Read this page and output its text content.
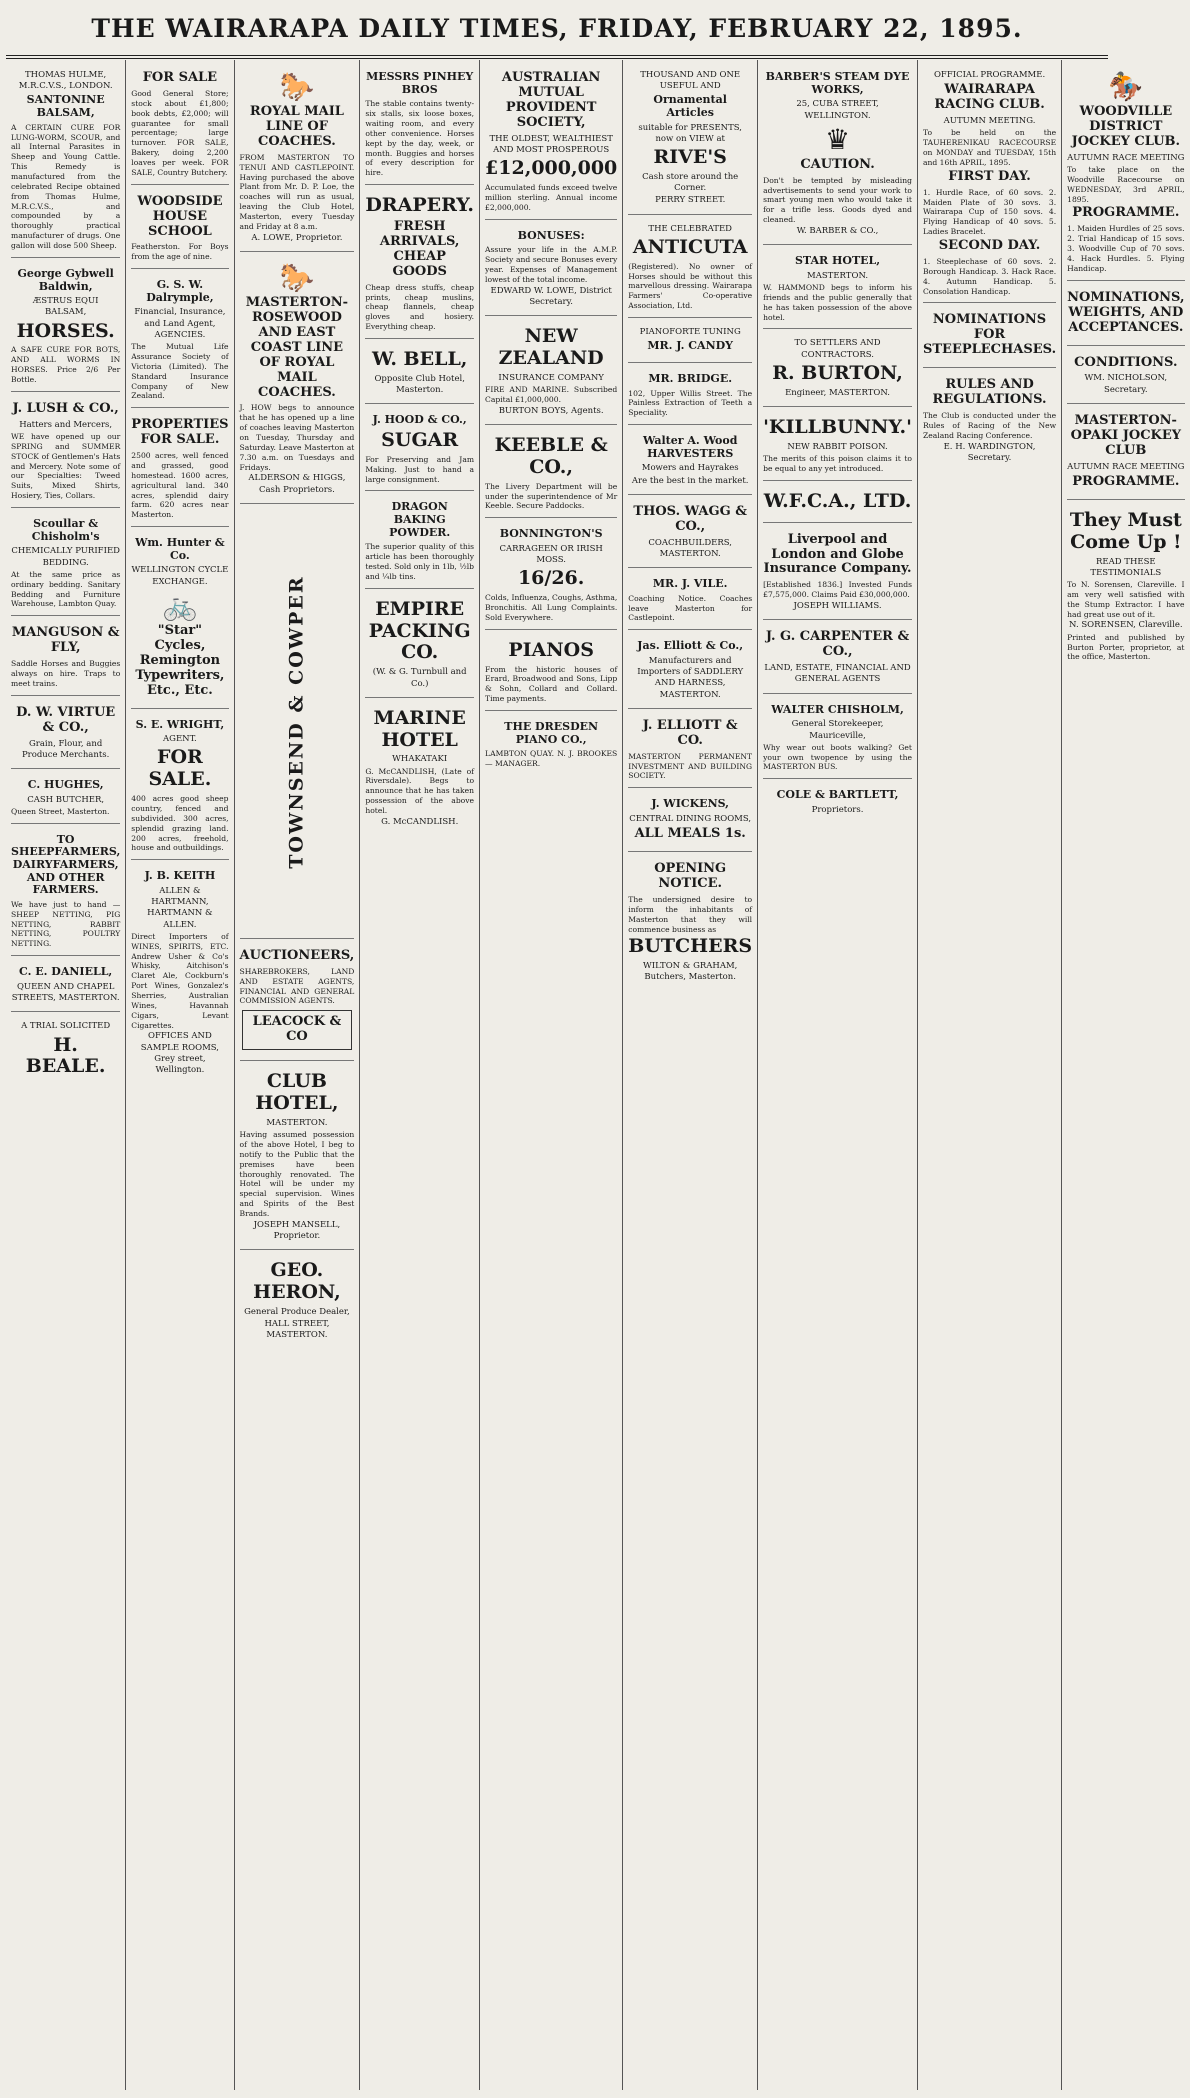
THE WAIRARAPA DAILY TIMES, FRIDAY, FEBRUARY 22, 1895.
THOMAS HULME, M.R.C.V.S., LONDON.
SANTONINE BALSAM,
A CERTAIN CURE FOR LUNG-WORM, SCOUR, and all Internal Parasites in Sheep and Young Cattle. This Remedy is manufactured from the celebrated Recipe obtained from Thomas Hulme, M.R.C.V.S., and compounded by a thoroughly practical manufacturer of drugs. One gallon will dose 500 Sheep.
George Gybwell Baldwin,
ÆSTRUS EQUI BALSAM,
HORSES.
A SAFE CURE FOR BOTS, AND ALL WORMS IN HORSES. Price 2/6 Per Bottle.
J. LUSH & CO.,
Hatters and Mercers,
WE have opened up our SPRING and SUMMER STOCK of Gentlemen's Hats and Mercery. Note some of our Specialties: Tweed Suits, Mixed Shirts, Hosiery, Ties, Collars.
Scoullar & Chisholm's
CHEMICALLY PURIFIED BEDDING.
At the same price as ordinary bedding. Sanitary Bedding and Furniture Warehouse, Lambton Quay.
MANGUSON & FLY,
Saddle Horses and Buggies always on hire. Traps to meet trains.
D. W. VIRTUE & CO.,
Grain, Flour, and Produce Merchants.
C. HUGHES,
CASH BUTCHER,
Queen Street, Masterton.
TO SHEEPFARMERS, DAIRYFARMERS, AND OTHER FARMERS.
We have just to hand — SHEEP NETTING, PIG NETTING, RABBIT NETTING, POULTRY NETTING.
C. E. DANIELL,
QUEEN AND CHAPEL STREETS, MASTERTON.
A TRIAL SOLICITED
H. BEALE.
FOR SALE
Good General Store; stock about £1,800; book debts, £2,000; will guarantee for small percentage; large turnover. FOR SALE, Bakery, doing 2,200 loaves per week. FOR SALE, Country Butchery.
WOODSIDE HOUSE SCHOOL
Featherston. For Boys from the age of nine.
G. S. W. Dalrymple,
Financial, Insurance, and Land Agent, AGENCIES.
The Mutual Life Assurance Society of Victoria (Limited). The Standard Insurance Company of New Zealand.
PROPERTIES FOR SALE.
2500 acres, well fenced and grassed, good homestead. 1600 acres, agricultural land. 340 acres, splendid dairy farm. 620 acres near Masterton.
Wm. Hunter & Co.
WELLINGTON CYCLE EXCHANGE.
🚲
"Star" Cycles, Remington Typewriters, Etc., Etc.
S. E. WRIGHT,
AGENT.
FOR SALE.
400 acres good sheep country, fenced and subdivided. 300 acres, splendid grazing land. 200 acres, freehold, house and outbuildings.
J. B. KEITH
ALLEN & HARTMANN, HARTMANN & ALLEN.
Direct Importers of WINES, SPIRITS, ETC. Andrew Usher & Co's Whisky, Aitchison's Claret Ale, Cockburn's Port Wines, Gonzalez's Sherries, Australian Wines, Havannah Cigars, Levant Cigarettes.
OFFICES AND SAMPLE ROOMS, Grey street, Wellington.
🐎
ROYAL MAIL LINE OF COACHES.
FROM MASTERTON TO TENUI AND CASTLEPOINT. Having purchased the above Plant from Mr. D. P. Loe, the coaches will run as usual, leaving the Club Hotel, Masterton, every Tuesday and Friday at 8 a.m.
A. LOWE, Proprietor.
🐎
MASTERTON-ROSEWOOD AND EAST COAST LINE OF ROYAL MAIL COACHES.
J. HOW begs to announce that he has opened up a line of coaches leaving Masterton on Tuesday, Thursday and Saturday. Leave Masterton at 7.30 a.m. on Tuesdays and Fridays.
ALDERSON & HIGGS, Cash Proprietors.
TOWNSEND & COWPER
AUCTIONEERS,
SHAREBROKERS, LAND AND ESTATE AGENTS, FINANCIAL AND GENERAL COMMISSION AGENTS.
LEACOCK & CO
CLUB HOTEL,
MASTERTON.
Having assumed possession of the above Hotel, I beg to notify to the Public that the premises have been thoroughly renovated. The Hotel will be under my special supervision. Wines and Spirits of the Best Brands.
JOSEPH MANSELL, Proprietor.
GEO. HERON,
General Produce Dealer,
HALL STREET, MASTERTON.
MESSRS PINHEY BROS
The stable contains twenty-six stalls, six loose boxes, waiting room, and every other convenience. Horses kept by the day, week, or month. Buggies and horses of every description for hire.
DRAPERY.
FRESH ARRIVALS, CHEAP GOODS
Cheap dress stuffs, cheap prints, cheap muslins, cheap flannels, cheap gloves and hosiery. Everything cheap.
W. BELL,
Opposite Club Hotel, Masterton.
J. HOOD & CO.,
SUGAR
For Preserving and Jam Making. Just to hand a large consignment.
DRAGON BAKING POWDER.
The superior quality of this article has been thoroughly tested. Sold only in 1lb, ½lb and ¼lb tins.
EMPIRE PACKING CO.
(W. & G. Turnbull and Co.)
MARINE HOTEL
WHAKATAKI
G. McCANDLISH, (Late of Riversdale). Begs to announce that he has taken possession of the above hotel.
G. McCANDLISH.
AUSTRALIAN MUTUAL PROVIDENT SOCIETY,
THE OLDEST, WEALTHIEST AND MOST PROSPEROUS
£12,000,000
Accumulated funds exceed twelve million sterling. Annual income £2,000,000.
BONUSES:
Assure your life in the A.M.P. Society and secure Bonuses every year. Expenses of Management lowest of the total income.
EDWARD W. LOWE, District Secretary.
NEW ZEALAND
INSURANCE COMPANY
FIRE AND MARINE. Subscribed Capital £1,000,000.
BURTON BOYS, Agents.
KEEBLE & CO.,
The Livery Department will be under the superintendence of Mr Keeble. Secure Paddocks.
BONNINGTON'S
CARRAGEEN OR IRISH MOSS.
16/26.
Colds, Influenza, Coughs, Asthma, Bronchitis. All Lung Complaints. Sold Everywhere.
PIANOS
From the historic houses of Erard, Broadwood and Sons, Lipp & Sohn, Collard and Collard. Time payments.
THE DRESDEN PIANO CO.,
LAMBTON QUAY. N. J. BROOKES — MANAGER.
THOUSAND AND ONE USEFUL AND
Ornamental Articles
suitable for PRESENTS, now on VIEW at
RIVE'S
Cash store around the Corner.
PERRY STREET.
THE CELEBRATED
ANTICUTA
(Registered). No owner of Horses should be without this marvellous dressing. Wairarapa Farmers' Co-operative Association, Ltd.
PIANOFORTE TUNING
MR. J. CANDY
MR. BRIDGE.
102, Upper Willis Street. The Painless Extraction of Teeth a Speciality.
Walter A. Wood HARVESTERS
Mowers and Hayrakes
Are the best in the market.
THOS. WAGG & CO.,
COACHBUILDERS, MASTERTON.
MR. J. VILE.
Coaching Notice. Coaches leave Masterton for Castlepoint.
Jas. Elliott & Co.,
Manufacturers and Importers of SADDLERY AND HARNESS, MASTERTON.
J. ELLIOTT & CO.
MASTERTON PERMANENT INVESTMENT AND BUILDING SOCIETY.
J. WICKENS,
CENTRAL DINING ROOMS,
ALL MEALS 1s.
OPENING NOTICE.
The undersigned desire to inform the inhabitants of Masterton that they will commence business as
BUTCHERS
WILTON & GRAHAM, Butchers, Masterton.
BARBER'S STEAM DYE WORKS,
25, CUBA STREET, WELLINGTON.
♛
CAUTION.
Don't be tempted by misleading advertisements to send your work to smart young men who would take it for a trifle less. Goods dyed and cleaned.
W. BARBER & CO.,
STAR HOTEL,
MASTERTON.
W. HAMMOND begs to inform his friends and the public generally that he has taken possession of the above hotel.
TO SETTLERS AND CONTRACTORS.
R. BURTON,
Engineer, MASTERTON.
'KILLBUNNY.'
NEW RABBIT POISON.
The merits of this poison claims it to be equal to any yet introduced.
W.F.C.A., LTD.
Liverpool and London and Globe Insurance Company.
[Established 1836.] Invested Funds £7,575,000. Claims Paid £30,000,000.
JOSEPH WILLIAMS.
J. G. CARPENTER & CO.,
LAND, ESTATE, FINANCIAL AND GENERAL AGENTS
WALTER CHISHOLM,
General Storekeeper, Mauriceville,
Why wear out boots walking? Get your own twopence by using the MASTERTON BUS.
COLE & BARTLETT,
Proprietors.
OFFICIAL PROGRAMME.
WAIRARAPA RACING CLUB.
AUTUMN MEETING.
To be held on the TAUHERENIKAU RACECOURSE on MONDAY and TUESDAY, 15th and 16th APRIL, 1895.
FIRST DAY.
1. Hurdle Race, of 60 sovs. 2. Maiden Plate of 30 sovs. 3. Wairarapa Cup of 150 sovs. 4. Flying Handicap of 40 sovs. 5. Ladies Bracelet.
SECOND DAY.
1. Steeplechase of 60 sovs. 2. Borough Handicap. 3. Hack Race. 4. Autumn Handicap. 5. Consolation Handicap.
NOMINATIONS FOR STEEPLECHASES.
RULES AND REGULATIONS.
The Club is conducted under the Rules of Racing of the New Zealand Racing Conference.
E. H. WARDINGTON, Secretary.
🏇
WOODVILLE DISTRICT JOCKEY CLUB.
AUTUMN RACE MEETING
To take place on the Woodville Racecourse on WEDNESDAY, 3rd APRIL, 1895.
PROGRAMME.
1. Maiden Hurdles of 25 sovs. 2. Trial Handicap of 15 sovs. 3. Woodville Cup of 70 sovs. 4. Hack Hurdles. 5. Flying Handicap.
NOMINATIONS, WEIGHTS, AND ACCEPTANCES.
CONDITIONS.
WM. NICHOLSON, Secretary.
MASTERTON-OPAKI JOCKEY CLUB
AUTUMN RACE MEETING
PROGRAMME.
They Must Come Up !
READ THESE TESTIMONIALS
To N. Sorensen, Clareville. I am very well satisfied with the Stump Extractor. I have had great use out of it.
N. SORENSEN, Clareville.
Printed and published by Burton Porter, proprietor, at the office, Masterton.
